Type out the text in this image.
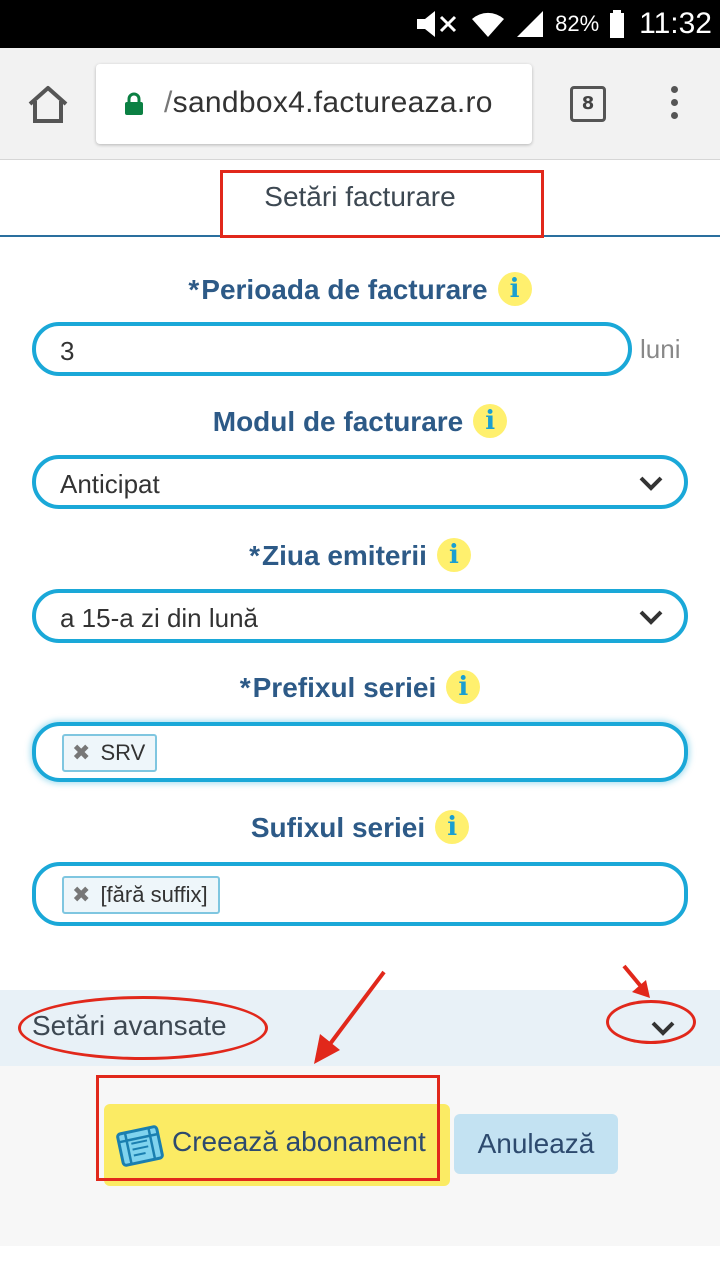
82% 11:32
/sandbox4.factureaza.ro	8
Setări facturare
*Perioada de facturare i
3	luni
Modul de facturare i
Anticipat
*Ziua emiterii i
a 15-a zi din lună
*Prefixul seriei i
✖ SRV
Sufixul seriei i
✖ [fără suffix]
Setări avansate
Creează abonament	Anulează
